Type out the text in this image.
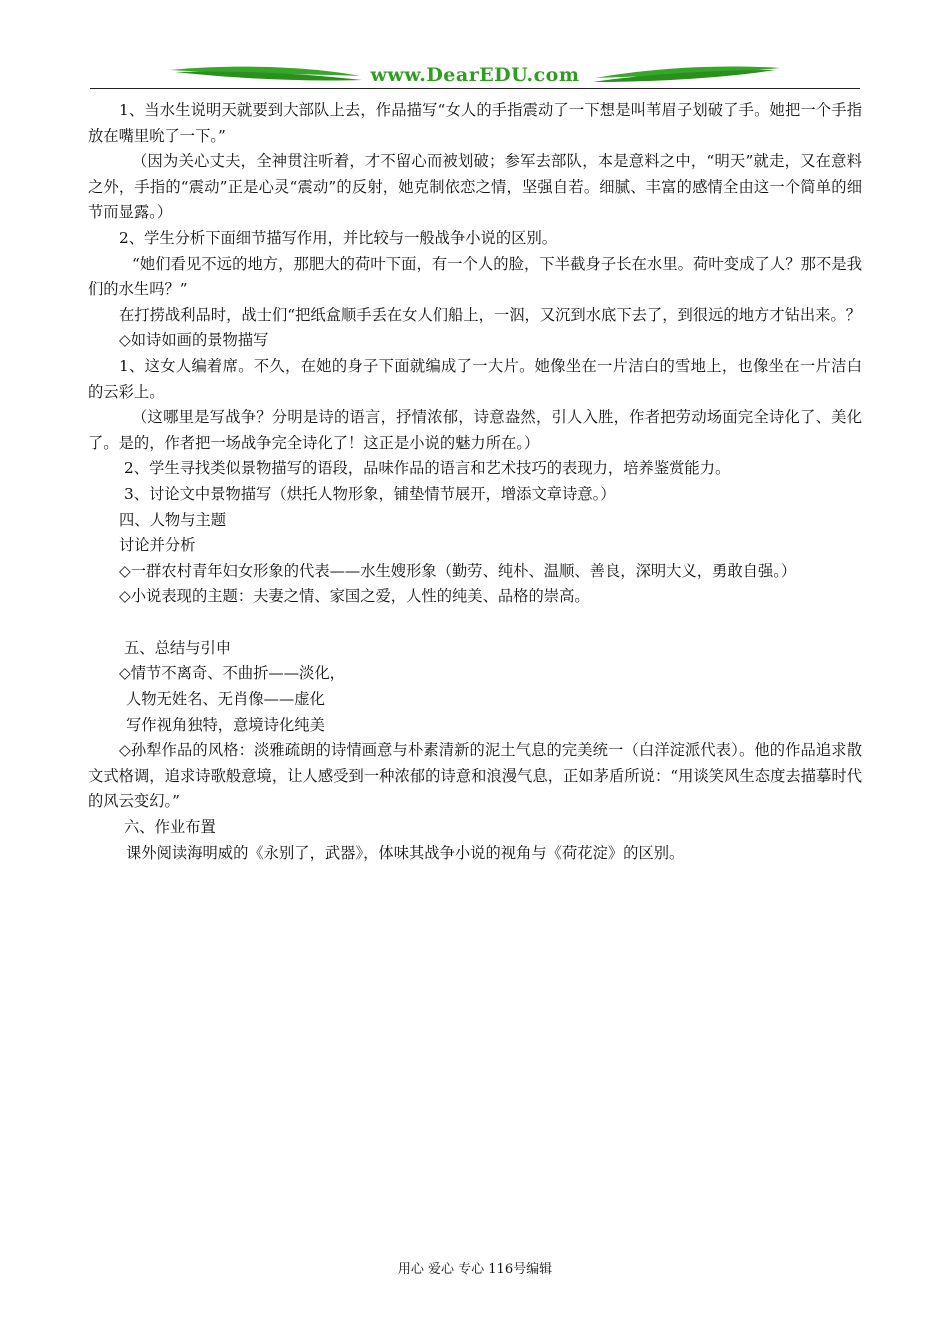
www.DearEDU.com

1、当水生说明天就要到大部队上去，作品描写“女人的手指震动了一下想是叫苇眉子划破了手。她把一个手指放在嘴里吮了一下。”

（因为关心丈夫，全神贯注听着，才不留心而被划破；参军去部队，本是意料之中，“明天”就走，又在意料之外，手指的“震动”正是心灵“震动”的反射，她克制依恋之情，坚强自若。细腻、丰富的感情全由这一个简单的细节而显露。）

2、学生分析下面细节描写作用，并比较与一般战争小说的区别。

“她们看见不远的地方，那肥大的荷叶下面，有一个人的脸，下半截身子长在水里。荷叶变成了人？那不是我们的水生吗？”

在打捞战利品时，战士们“把纸盒顺手丢在女人们船上，一泅，又沉到水底下去了，到很远的地方才钻出来。？

◇如诗如画的景物描写

1、这女人编着席。不久，在她的身子下面就编成了一大片。她像坐在一片洁白的雪地上，也像坐在一片洁白的云彩上。

（这哪里是写战争？分明是诗的语言，抒情浓郁，诗意盎然，引人入胜，作者把劳动场面完全诗化了、美化了。是的，作者把一场战争完全诗化了！这正是小说的魅力所在。）

2、学生寻找类似景物描写的语段，品味作品的语言和艺术技巧的表现力，培养鉴赏能力。

3、讨论文中景物描写（烘托人物形象，铺垫情节展开，增添文章诗意。）

四、人物与主题

讨论并分析

◇一群农村青年妇女形象的代表——水生嫂形象（勤劳、纯朴、温顺、善良，深明大义，勇敢自强。）

◇小说表现的主题：夫妻之情、家国之爱，人性的纯美、品格的崇高。

五、总结与引申

◇情节不离奇、不曲折——淡化，

人物无姓名、无肖像——虚化

写作视角独特，意境诗化纯美

◇孙犁作品的风格：淡雅疏朗的诗情画意与朴素清新的泥土气息的完美统一（白洋淀派代表）。他的作品追求散文式格调，追求诗歌般意境，让人感受到一种浓郁的诗意和浪漫气息，正如茅盾所说：“用谈笑风生态度去描摹时代的风云变幻。”

六、作业布置

课外阅读海明威的《永别了，武器》，体味其战争小说的视角与《荷花淀》的区别。

用心 爱心 专心 116号编辑
